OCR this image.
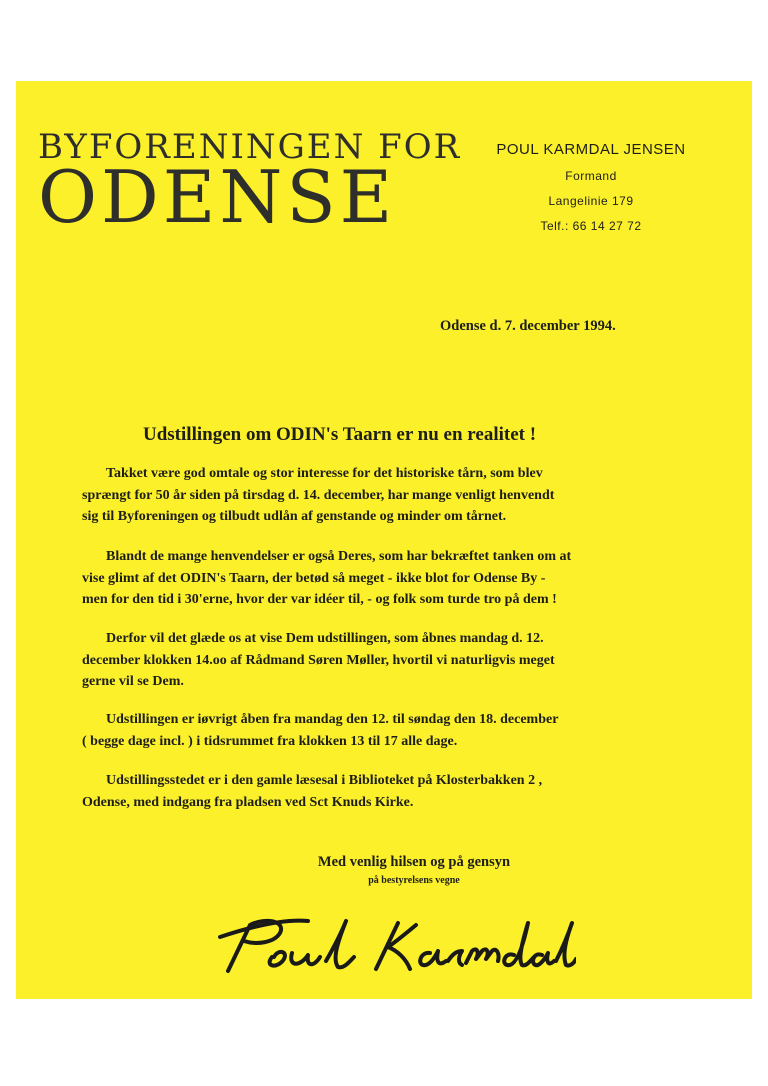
BYFORENINGEN FOR
ODENSE
POUL KARMDAL JENSEN
Formand
Langelinie 179
Telf.: 66 14 27 72
Odense d. 7. december 1994.
Udstillingen om ODIN's Taarn er nu en realitet !

Takket være god omtale og stor interesse for det historiske tårn, som blev

sprængt for 50 år siden på tirsdag d. 14. december, har mange venligt henvendt

sig til Byforeningen og tilbudt udlån af genstande og minder om tårnet.

Blandt de mange henvendelser er også Deres, som har bekræftet tanken om at

vise glimt af det ODIN's Taarn, der betød så meget - ikke blot for Odense By -

men for den tid i 30'erne, hvor der var idéer til, - og folk som turde tro på dem !

Derfor vil det glæde os at vise Dem udstillingen, som åbnes mandag d. 12.

december klokken 14.oo af Rådmand Søren Møller, hvortil vi naturligvis meget

gerne vil se Dem.

Udstillingen er iøvrigt åben fra mandag den 12. til søndag den 18. december

( begge dage incl. ) i tidsrummet fra klokken 13 til 17 alle dage.

Udstillingsstedet er i den gamle læsesal i Biblioteket på Klosterbakken 2 ,

Odense, med indgang fra pladsen ved Sct Knuds Kirke.

Med venlig hilsen og på gensyn

på bestyrelsens vegne
